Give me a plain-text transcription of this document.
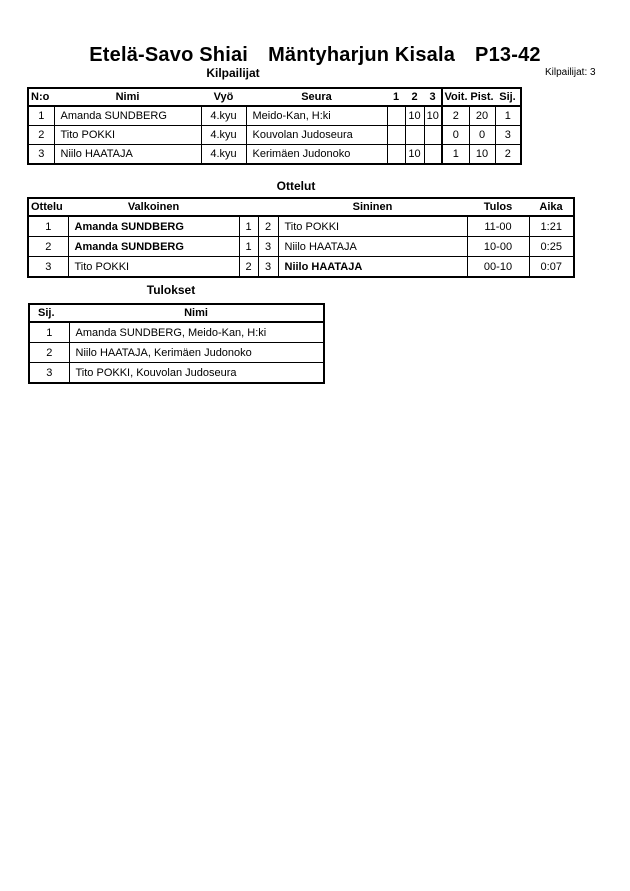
Etelä-Savo Shiai Mäntyharjun Kisala P13-42
Kilpailijat	Kilpailijat: 3
N:o	Nimi	Vyö	Seura	1	2	3	Voit.	Pist.	Sij.
1	Amanda SUNDBERG	4.kyu	Meido-Kan, H:ki		10	10	2	20	1
2	Tito POKKI	4.kyu	Kouvolan Judoseura				0	0	3
3	Niilo HAATAJA	4.kyu	Kerimäen Judonoko		10		1	10	2
Ottelut
Ottelu	Valkoinen			Sininen	Tulos	Aika
1	Amanda SUNDBERG	1	2	Tito POKKI	11-00	1:21
2	Amanda SUNDBERG	1	3	Niilo HAATAJA	10-00	0:25
3	Tito POKKI	2	3	Niilo HAATAJA	00-10	0:07
Tulokset
Sij.	Nimi
1	Amanda SUNDBERG, Meido-Kan, H:ki
2	Niilo HAATAJA, Kerimäen Judonoko
3	Tito POKKI, Kouvolan Judoseura
